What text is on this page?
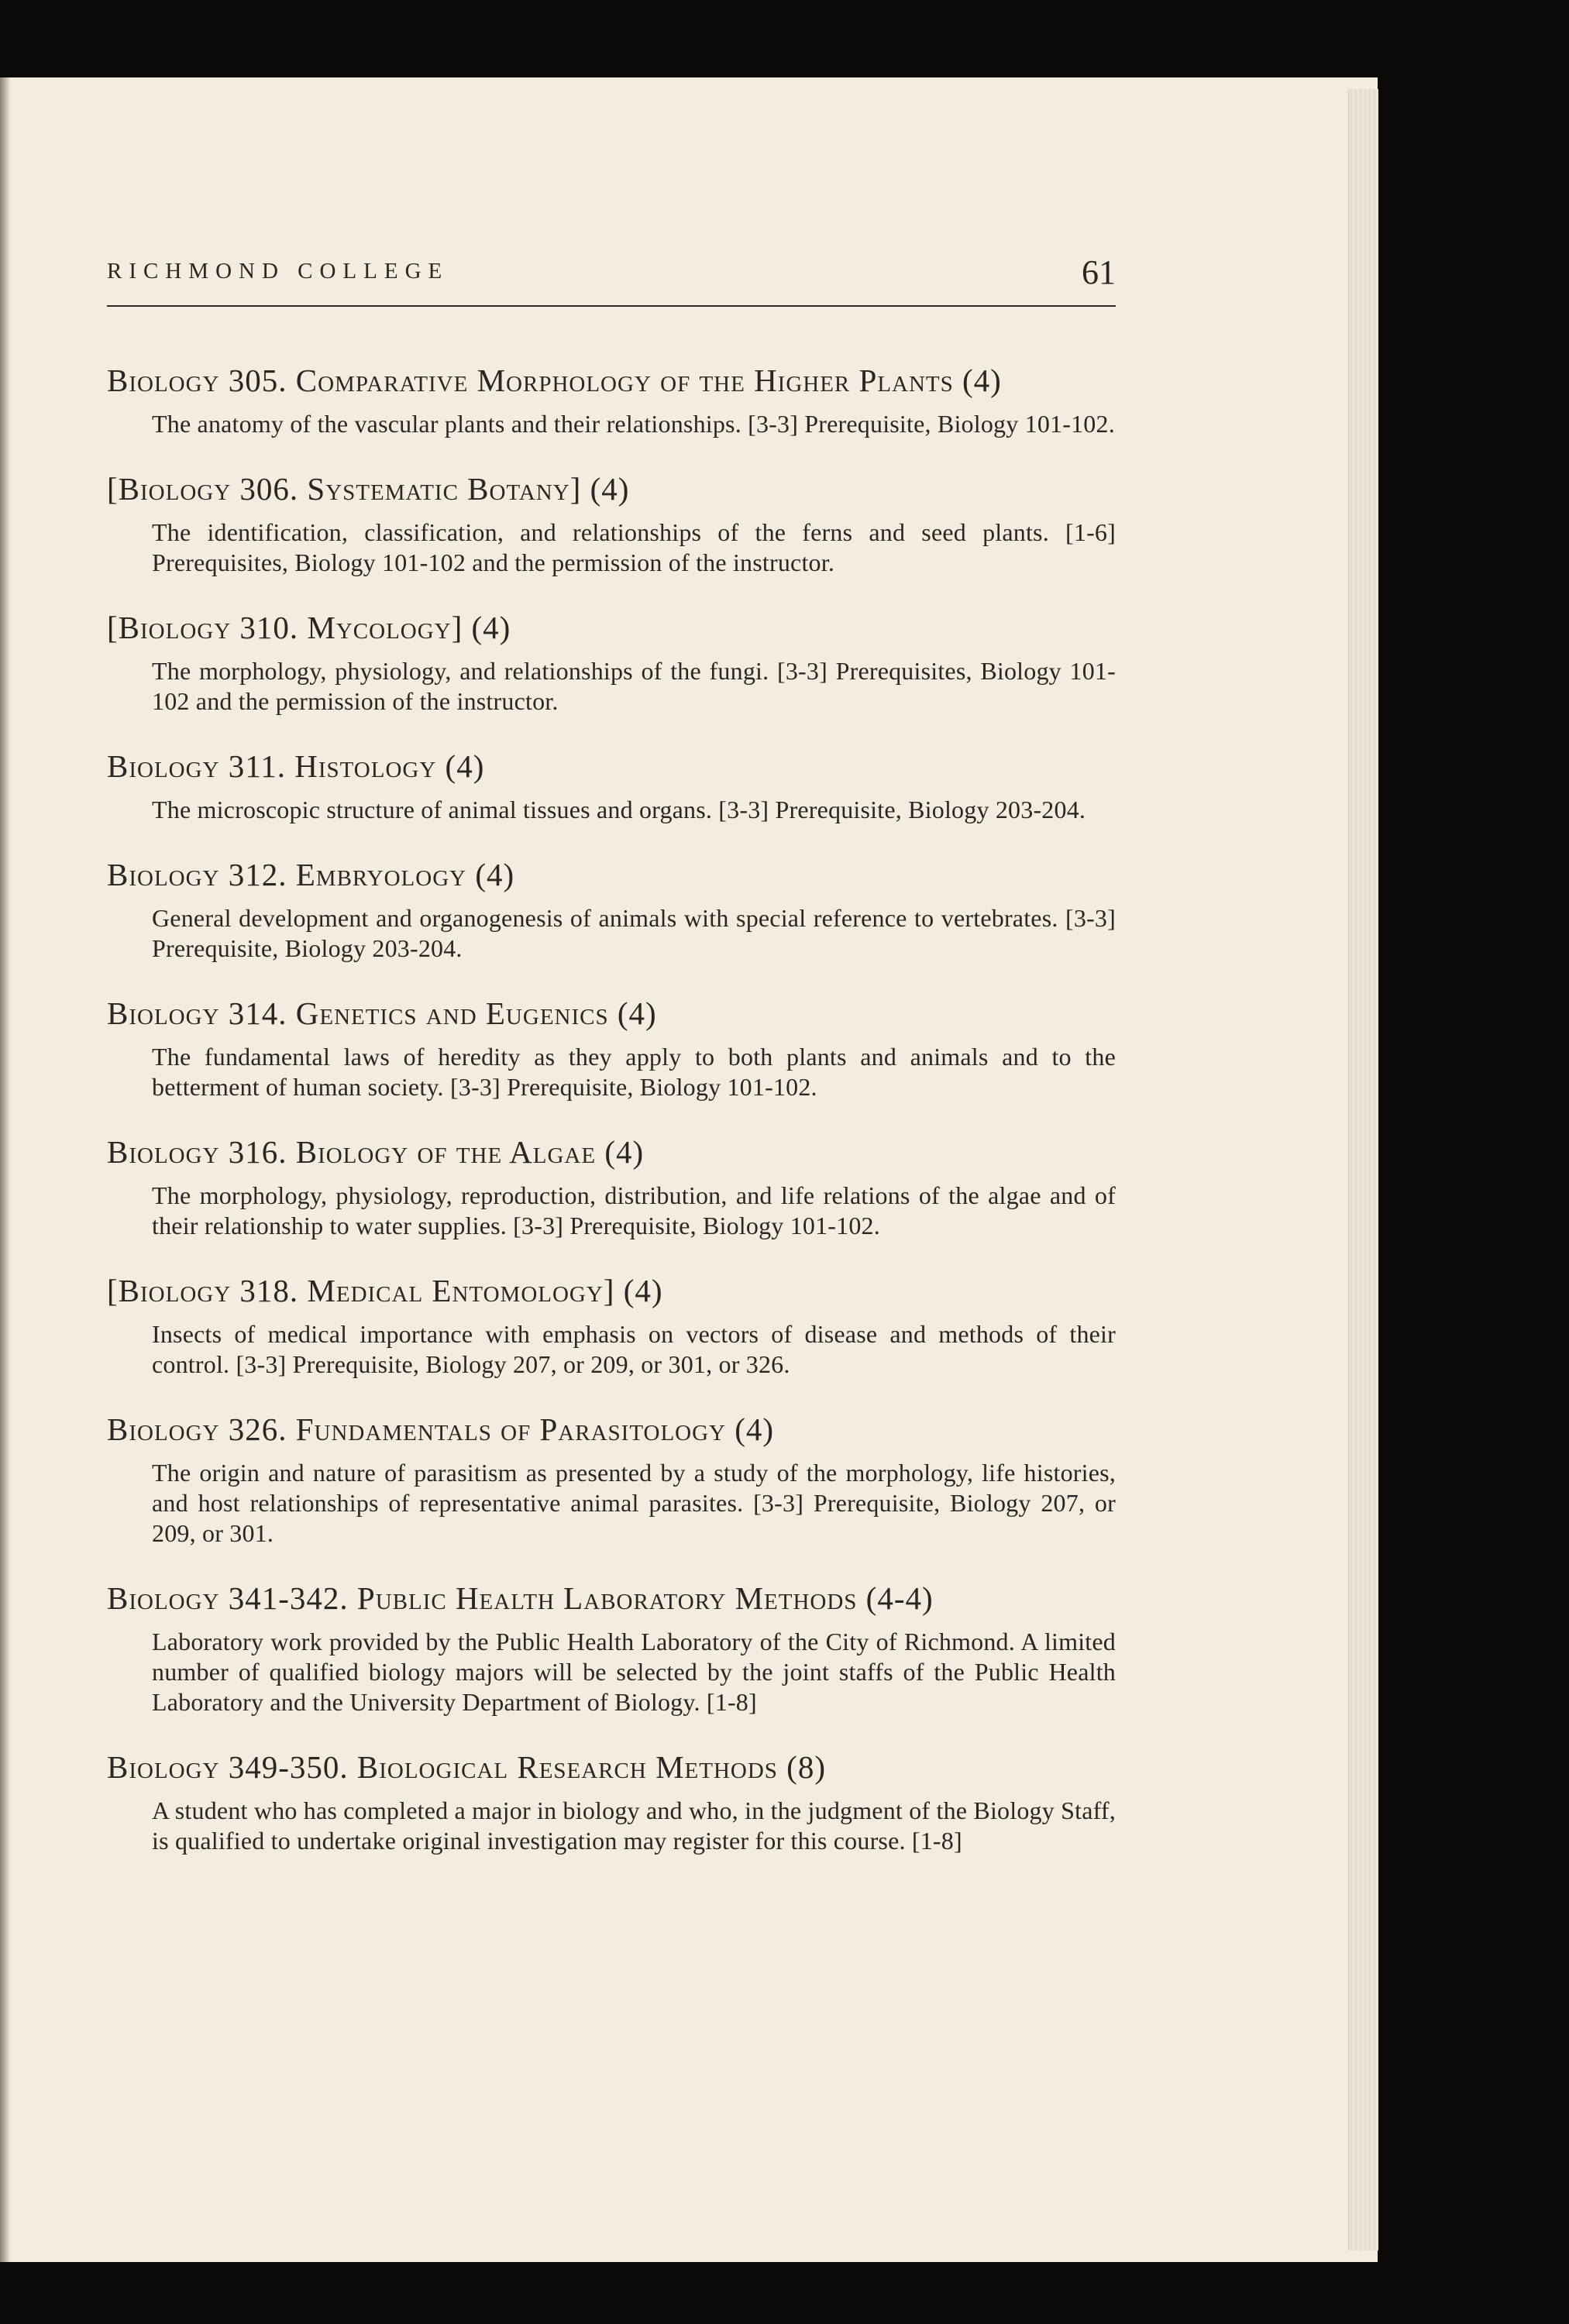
RICHMOND COLLEGE	61
Biology 305. Comparative Morphology of the Higher Plants (4)
The anatomy of the vascular plants and their relationships. [3-3] Prerequisite, Biology 101-102.
[Biology 306. Systematic Botany] (4)
The identification, classification, and relationships of the ferns and seed plants. [1-6] Prerequisites, Biology 101-102 and the permission of the instructor.
[Biology 310. Mycology] (4)
The morphology, physiology, and relationships of the fungi. [3-3] Prerequisites, Biology 101-102 and the permission of the instructor.
Biology 311. Histology (4)
The microscopic structure of animal tissues and organs. [3-3] Prerequisite, Biology 203-204.
Biology 312. Embryology (4)
General development and organogenesis of animals with special reference to vertebrates. [3-3] Prerequisite, Biology 203-204.
Biology 314. Genetics and Eugenics (4)
The fundamental laws of heredity as they apply to both plants and animals and to the betterment of human society. [3-3] Prerequisite, Biology 101-102.
Biology 316. Biology of the Algae (4)
The morphology, physiology, reproduction, distribution, and life relations of the algae and of their relationship to water supplies. [3-3] Prerequisite, Biology 101-102.
[Biology 318. Medical Entomology] (4)
Insects of medical importance with emphasis on vectors of disease and methods of their control. [3-3] Prerequisite, Biology 207, or 209, or 301, or 326.
Biology 326. Fundamentals of Parasitology (4)
The origin and nature of parasitism as presented by a study of the morphology, life histories, and host relationships of representative animal parasites. [3-3] Prerequisite, Biology 207, or 209, or 301.
Biology 341-342. Public Health Laboratory Methods (4-4)
Laboratory work provided by the Public Health Laboratory of the City of Richmond. A limited number of qualified biology majors will be selected by the joint staffs of the Public Health Laboratory and the University Department of Biology. [1-8]
Biology 349-350. Biological Research Methods (8)
A student who has completed a major in biology and who, in the judgment of the Biology Staff, is qualified to undertake original investigation may register for this course. [1-8]
